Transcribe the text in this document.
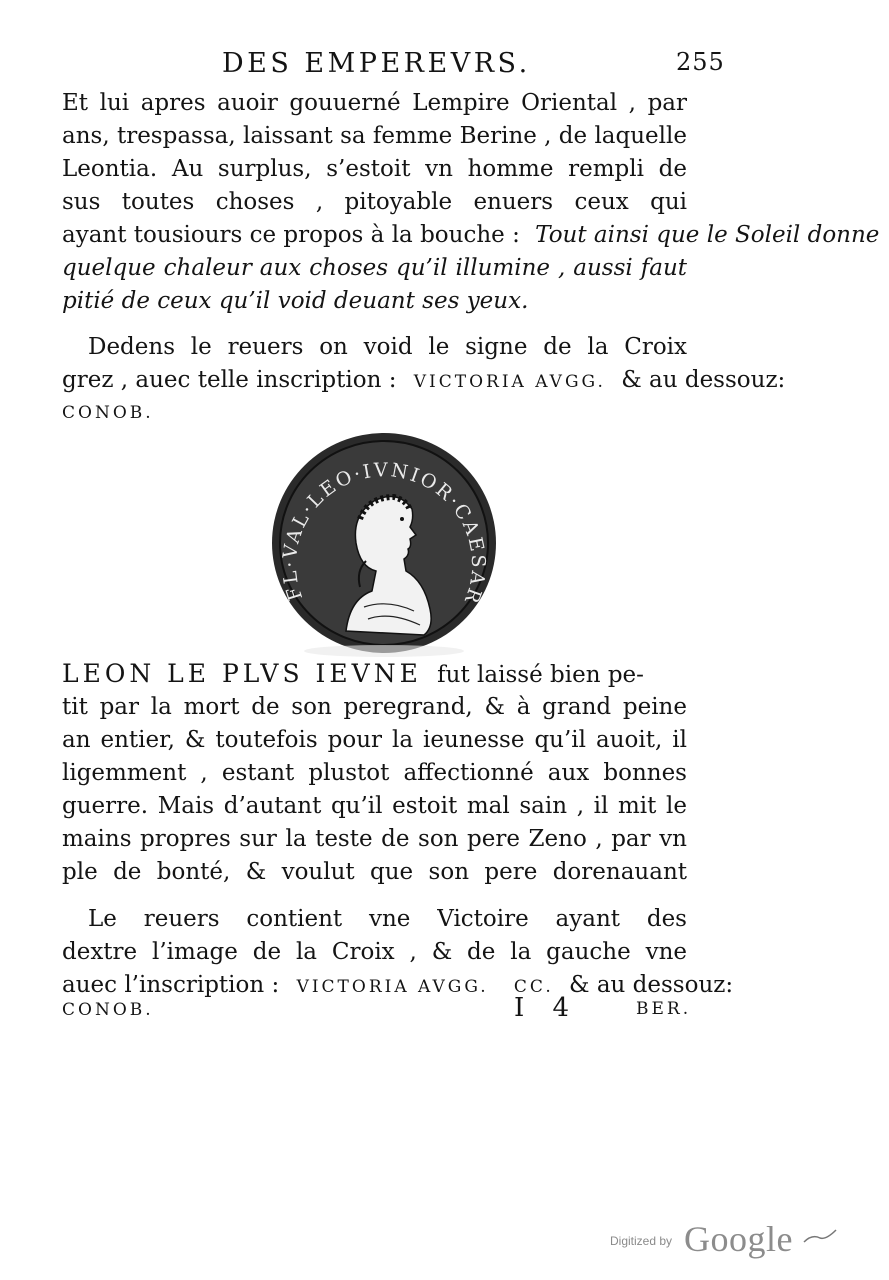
DES EMPEREVRS.	255
Et lui apres auoir gouuerné Lempire Oriental , par
ans, trespassa, laissant sa femme Berine , de laquelle
Leontia. Au surplus, s’estoit vn homme rempli de
sus toutes choses , pitoyable enuers ceux qui
ayant tousiours ce propos à la bouche : Tout ainsi que le Soleil donne
quelque chaleur aux choses qu’il illumine , aussi faut
pitié de ceux qu’il void deuant ses yeux.
Dedens le reuers on void le signe de la Croix
grez , auec telle inscription : VICTORIA AVGG. & au dessouz:
CONOB.
FL·VAL·LEO·IVNIOR·CAESAR
LEON LE PLVS IEVNE fut laissé bien pe-
tit par la mort de son peregrand, & à grand peine
an entier, & toutefois pour la ieunesse qu’il auoit, il
ligemment , estant plustot affectionné aux bonnes
guerre. Mais d’autant qu’il estoit mal sain , il mit le
mains propres sur la teste de son pere Zeno , par vn
ple de bonté, & voulut que son pere dorenauant
Le reuers contient vne Victoire ayant des
dextre l’image de la Croix , & de la gauche vne
auec l’inscription : VICTORIA AVGG.   CC. & au dessouz:
CONOB.	I 4	BER.
Digitized by Google
